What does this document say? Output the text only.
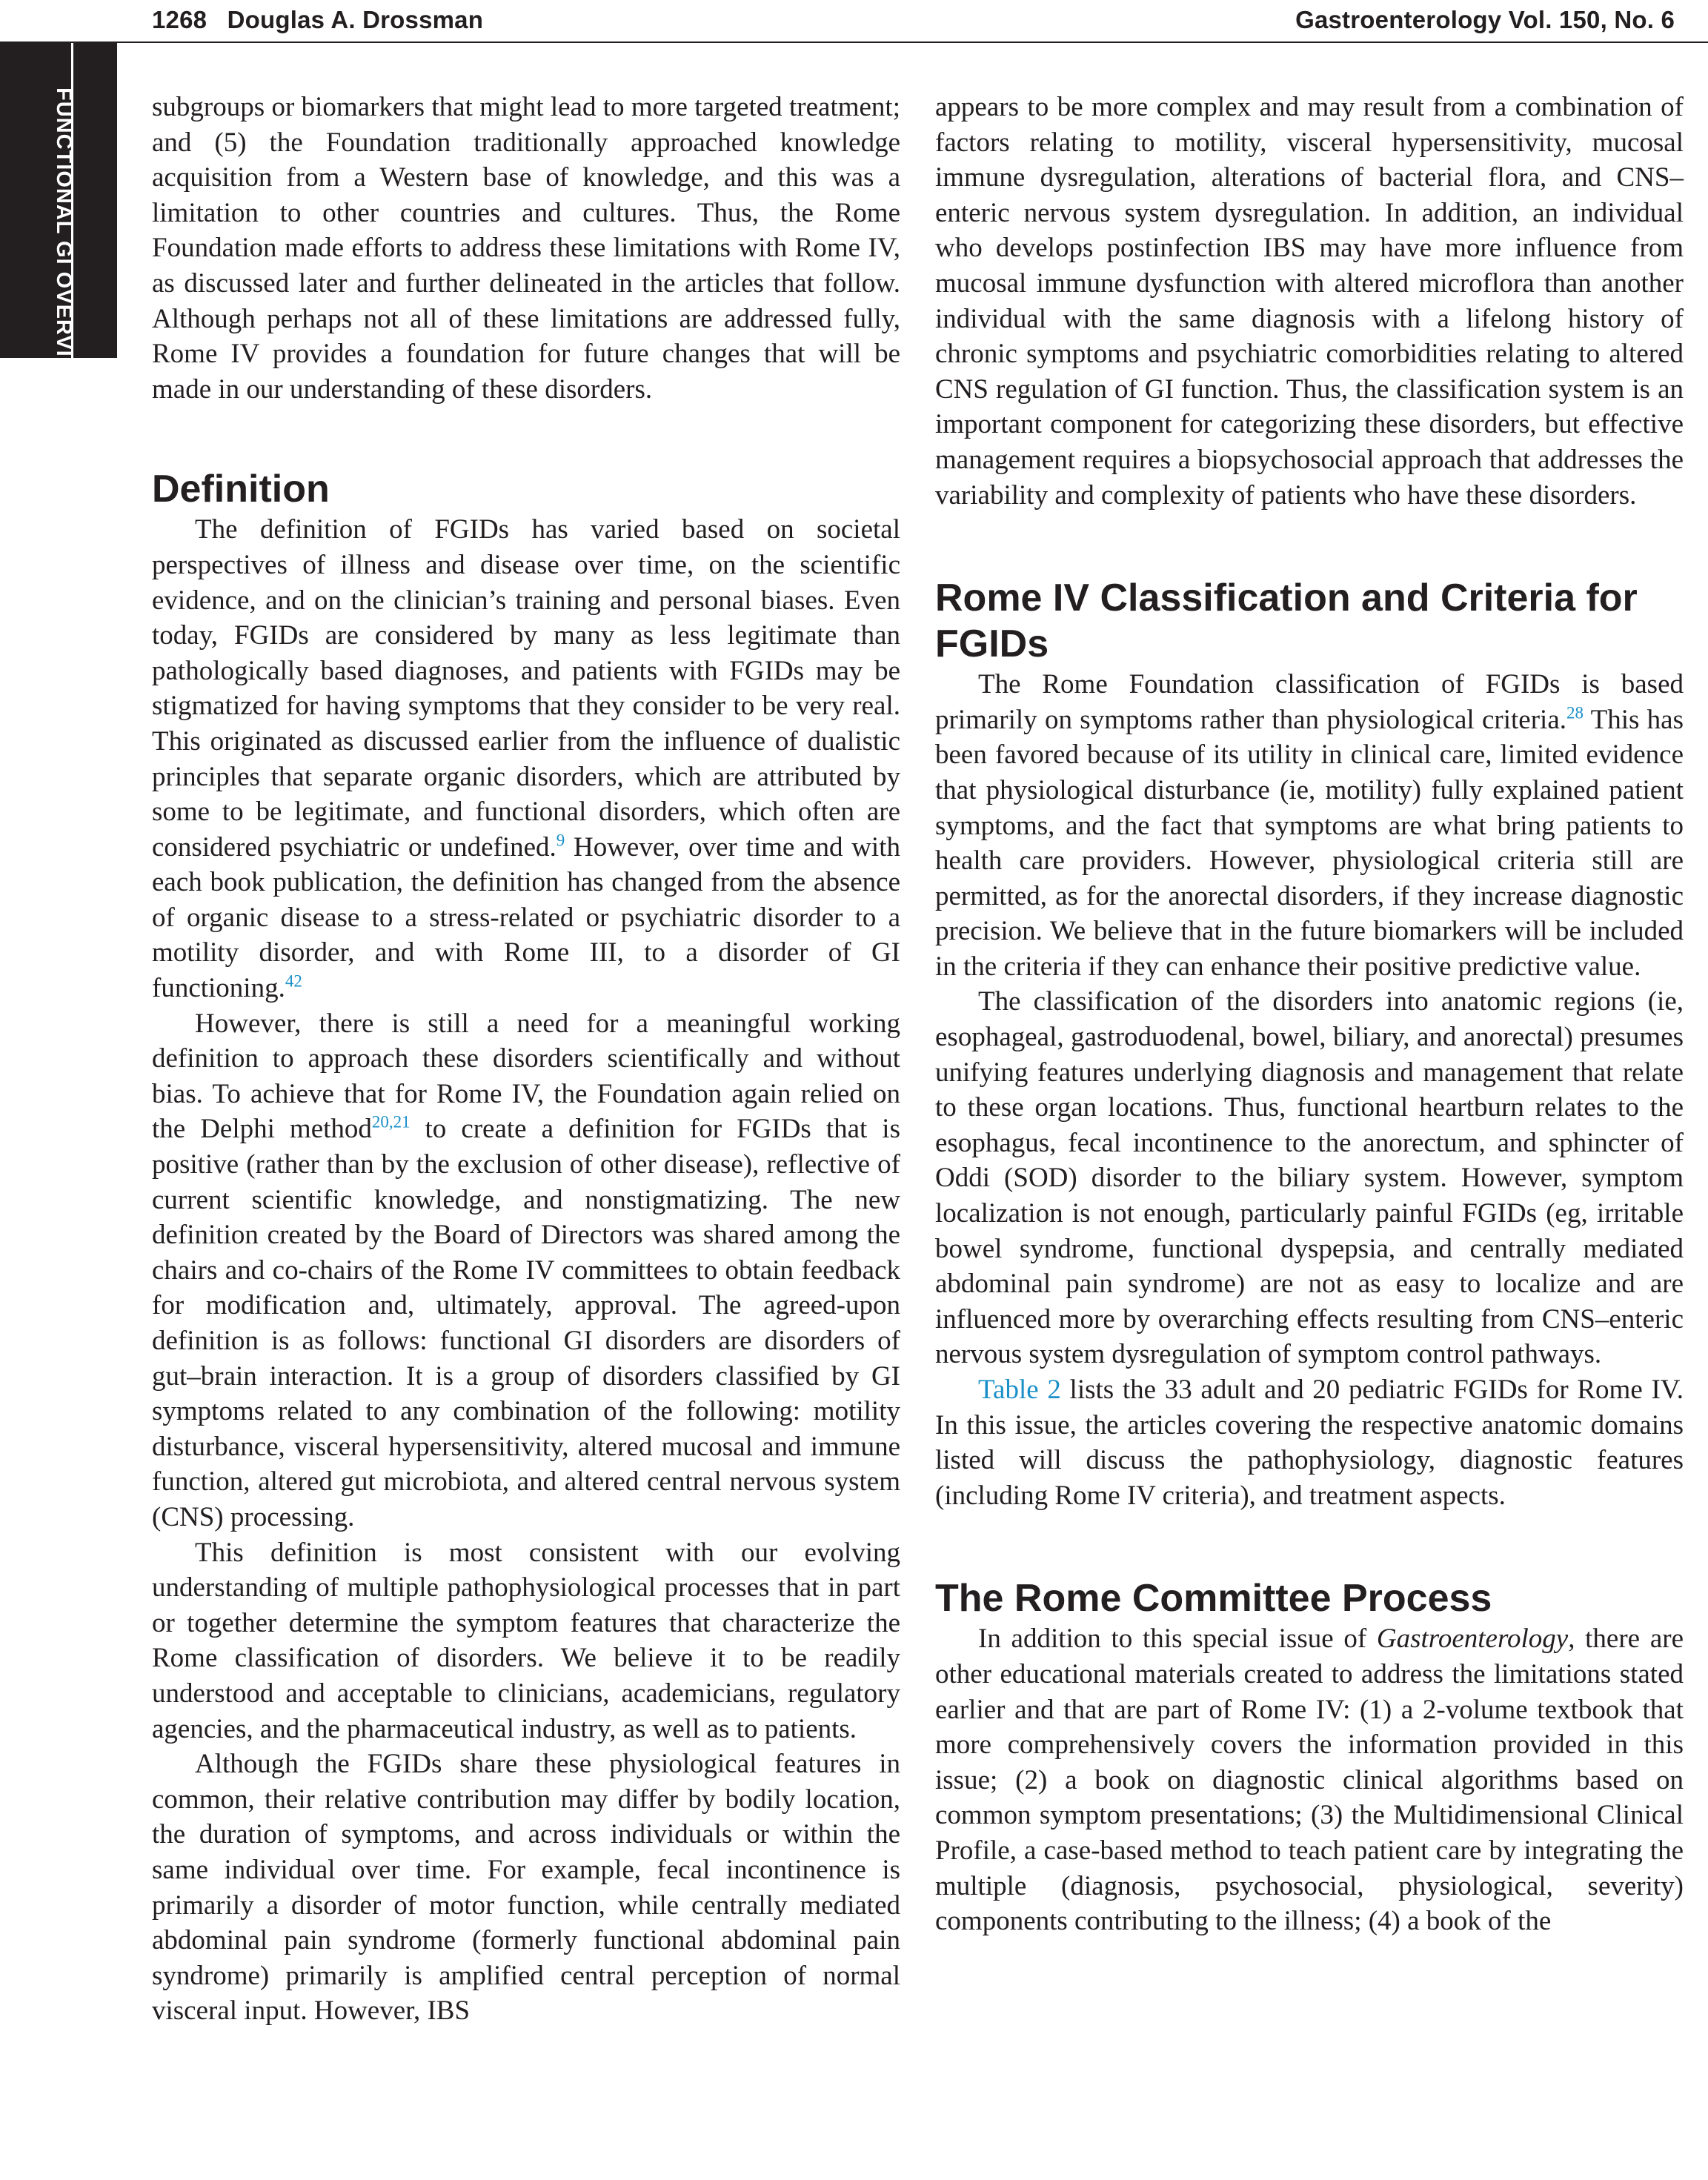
1268 Douglas A. Drossman	Gastroenterology Vol. 150, No. 6
FUNCTIONAL GI OVERVIEW	subgroups or biomarkers that might lead to more targeted treatment; and (5) the Foundation traditionally approached knowledge acquisition from a Western base of knowledge, and this was a limitation to other countries and cultures. Thus, the Rome Foundation made efforts to address these limitations with Rome IV, as discussed later and further delineated in the articles that follow. Although perhaps not all of these limitations are addressed fully, Rome IV provides a foundation for future changes that will be made in our understanding of these disorders.

Definition

The definition of FGIDs has varied based on societal perspectives of illness and disease over time, on the scientific evidence, and on the clinician’s training and personal biases. Even today, FGIDs are considered by many as less legitimate than pathologically based diagnoses, and patients with FGIDs may be stigmatized for having symptoms that they consider to be very real. This originated as discussed earlier from the influence of dualistic principles that separate organic disorders, which are attributed by some to be legitimate, and functional disorders, which often are considered psychiatric or undefined.$^9$ However, over time and with each book publication, the definition has changed from the absence of organic disease to a stress-related or psychiatric disorder to a motility disorder, and with Rome III, to a disorder of GI functioning.$^{42}$

However, there is still a need for a meaningful working definition to approach these disorders scientifically and without bias. To achieve that for Rome IV, the Foundation again relied on the Delphi method$^{20,21}$ to create a definition for FGIDs that is positive (rather than by the exclusion of other disease), reflective of current scientific knowledge, and nonstigmatizing. The new definition created by the Board of Directors was shared among the chairs and co-chairs of the Rome IV committees to obtain feedback for modification and, ultimately, approval. The agreed-upon definition is as follows: functional GI disorders are disorders of gut–brain interaction. It is a group of disorders classified by GI symptoms related to any combination of the following: motility disturbance, visceral hypersensitivity, altered mucosal and immune function, altered gut microbiota, and altered central nervous system (CNS) processing.

This definition is most consistent with our evolving understanding of multiple pathophysiological processes that in part or together determine the symptom features that characterize the Rome classification of disorders. We believe it to be readily understood and acceptable to clinicians, academicians, regulatory agencies, and the pharmaceutical industry, as well as to patients.

Although the FGIDs share these physiological features in common, their relative contribution may differ by bodily location, the duration of symptoms, and across individuals or within the same individual over time. For example, fecal incontinence is primarily a disorder of motor function, while centrally mediated abdominal pain syndrome (formerly functional abdominal pain syndrome) primarily is amplified central perception of normal visceral input. However, IBS

appears to be more complex and may result from a combination of factors relating to motility, visceral hypersensitivity, mucosal immune dysregulation, alterations of bacterial flora, and CNS–enteric nervous system dysregulation. In addition, an individual who develops postinfection IBS may have more influence from mucosal immune dysfunction with altered microflora than another individual with the same diagnosis with a lifelong history of chronic symptoms and psychiatric comorbidities relating to altered CNS regulation of GI function. Thus, the classification system is an important component for categorizing these disorders, but effective management requires a biopsychosocial approach that addresses the variability and complexity of patients who have these disorders.

Rome IV Classification and Criteria for FGIDs

The Rome Foundation classification of FGIDs is based primarily on symptoms rather than physiological criteria.$^{28}$ This has been favored because of its utility in clinical care, limited evidence that physiological disturbance (ie, motility) fully explained patient symptoms, and the fact that symptoms are what bring patients to health care providers. However, physiological criteria still are permitted, as for the anorectal disorders, if they increase diagnostic precision. We believe that in the future biomarkers will be included in the criteria if they can enhance their positive predictive value.

The classification of the disorders into anatomic regions (ie, esophageal, gastroduodenal, bowel, biliary, and anorectal) presumes unifying features underlying diagnosis and management that relate to these organ locations. Thus, functional heartburn relates to the esophagus, fecal incontinence to the anorectum, and sphincter of Oddi (SOD) disorder to the biliary system. However, symptom localization is not enough, particularly painful FGIDs (eg, irritable bowel syndrome, functional dyspepsia, and centrally mediated abdominal pain syndrome) are not as easy to localize and are influenced more by overarching effects resulting from CNS–enteric nervous system dysregulation of symptom control pathways.

Table 2 lists the 33 adult and 20 pediatric FGIDs for Rome IV. In this issue, the articles covering the respective anatomic domains listed will discuss the pathophysiology, diagnostic features (including Rome IV criteria), and treatment aspects.

The Rome Committee Process

In addition to this special issue of Gastroenterology, there are other educational materials created to address the limitations stated earlier and that are part of Rome IV: (1) a 2-volume textbook that more comprehensively covers the information provided in this issue; (2) a book on diagnostic clinical algorithms based on common symptom presentations; (3) the Multidimensional Clinical Profile, a case-based method to teach patient care by integrating the multiple (diagnosis, psychosocial, physiological, severity) components contributing to the illness; (4) a book of the
